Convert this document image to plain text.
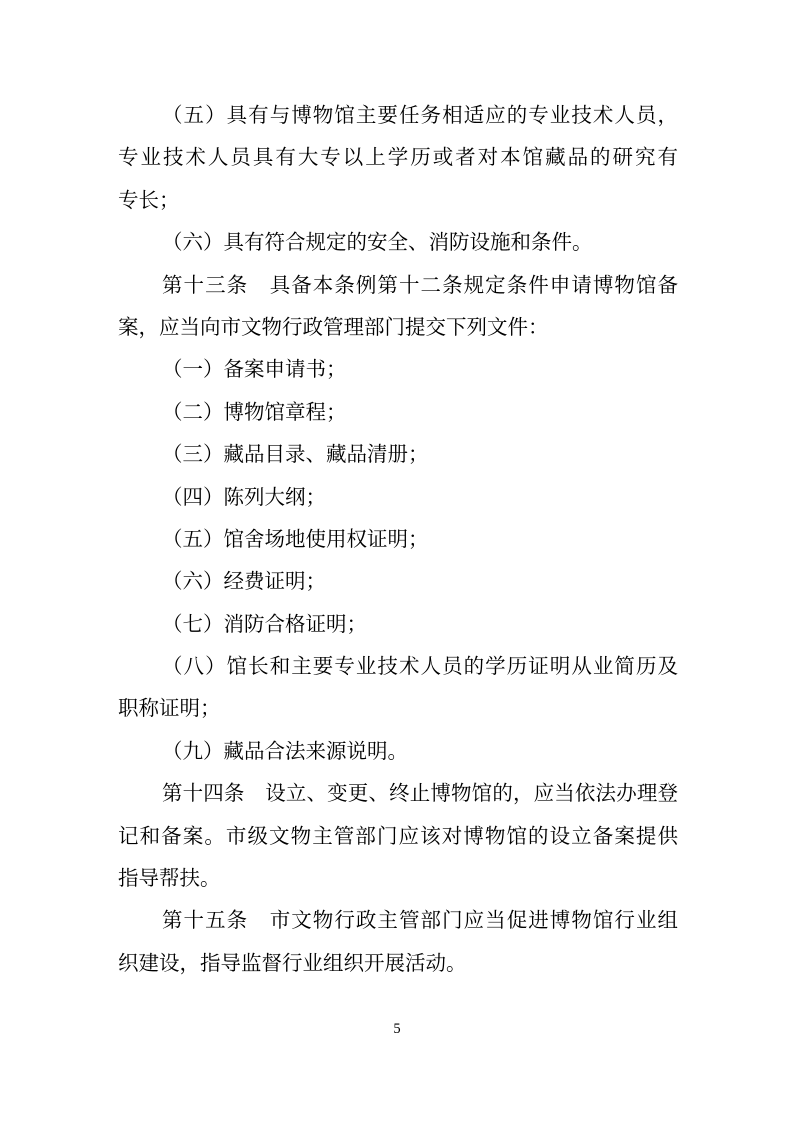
（五）具有与博物馆主要任务相适应的专业技术人员，
专业技术人员具有大专以上学历或者对本馆藏品的研究有
专长；
（六）具有符合规定的安全、消防设施和条件。
第十三条　具备本条例第十二条规定条件申请博物馆备
案，应当向市文物行政管理部门提交下列文件：
（一）备案申请书；
（二）博物馆章程；
（三）藏品目录、藏品清册；
（四）陈列大纲；
（五）馆舍场地使用权证明；
（六）经费证明；
（七）消防合格证明；
（八）馆长和主要专业技术人员的学历证明从业简历及
职称证明；
（九）藏品合法来源说明。
第十四条　设立、变更、终止博物馆的，应当依法办理登
记和备案。市级文物主管部门应该对博物馆的设立备案提供
指导帮扶。
第十五条　市文物行政主管部门应当促进博物馆行业组
织建设，指导监督行业组织开展活动。
5
